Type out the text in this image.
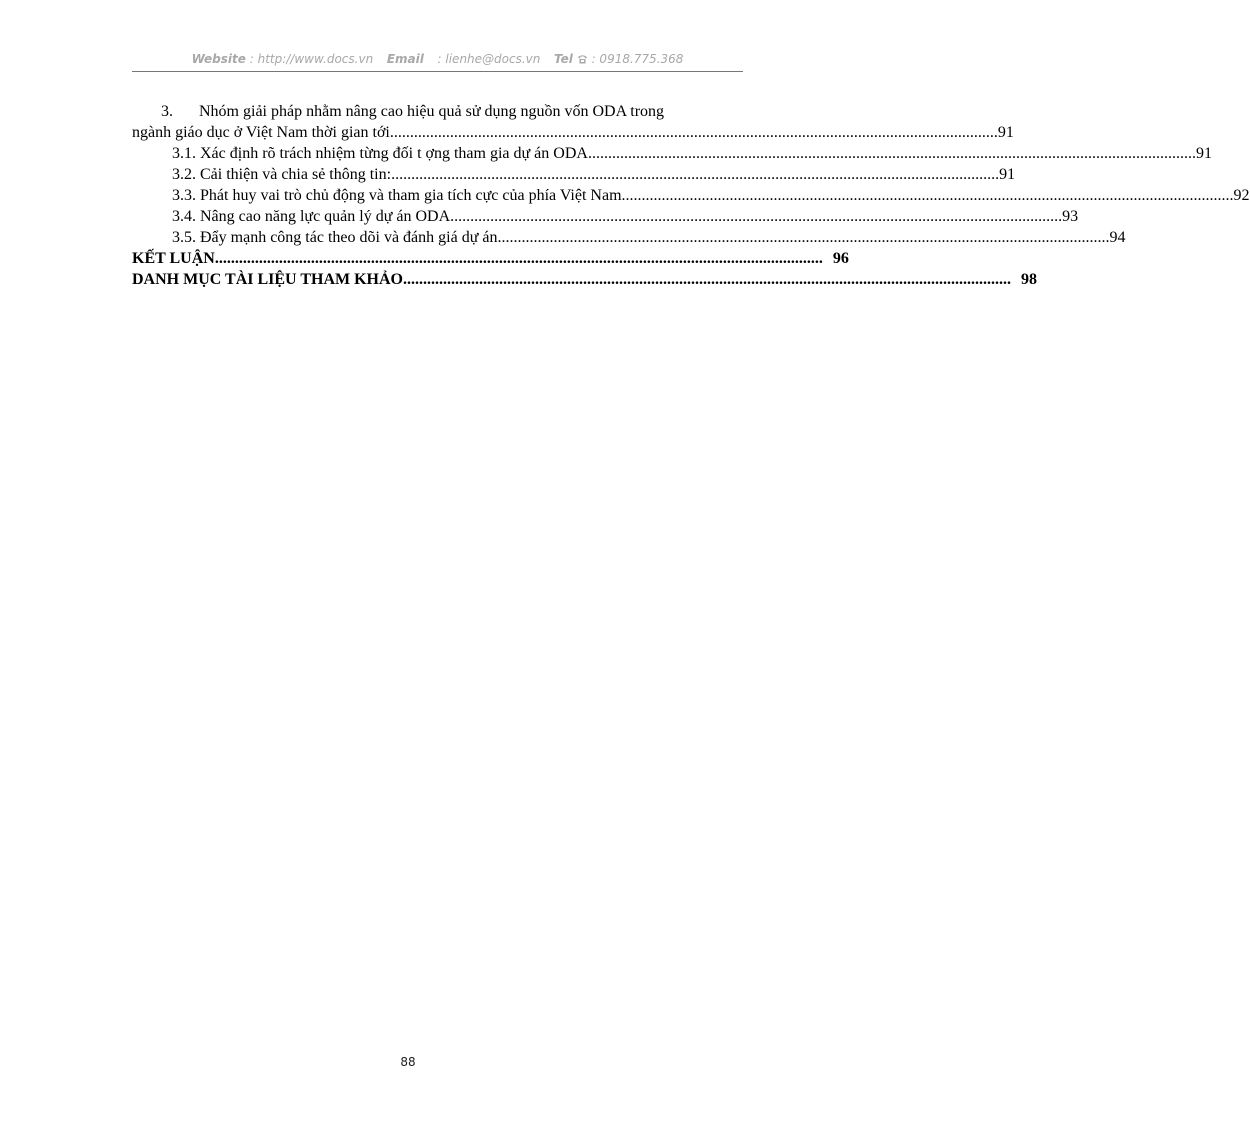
Website : http://www.docs.vn Email : lienhe@docs.vn Tel : 0918.775.368
3.	Nhóm giải pháp nhằm nâng cao hiệu quả sử dụng nguồn vốn ODA trong
ngành giáo dục ở Việt Nam thời gian tới ........................................................................................................................................................ 91
3.1. Xác định rõ trách nhiệm từng đối t ợng tham gia dự án ODA ........................................................................................................................................................ 91
3.2. Cải thiện và chia sẻ thông tin: ........................................................................................................................................................ 91
3.3. Phát huy vai trò chủ động và tham gia tích cực của phía Việt Nam. ........................................................................................................................................................ 92
3.4. Nâng cao năng lực quản lý dự án ODA. ........................................................................................................................................................ 93
3.5. Đẩy mạnh công tác theo dõi và đánh giá dự án. ........................................................................................................................................................ 94
KẾT LUẬN ........................................................................................................................................................ 96
DANH MỤC TÀI LIỆU THAM KHẢO ........................................................................................................................................................ 98
88
